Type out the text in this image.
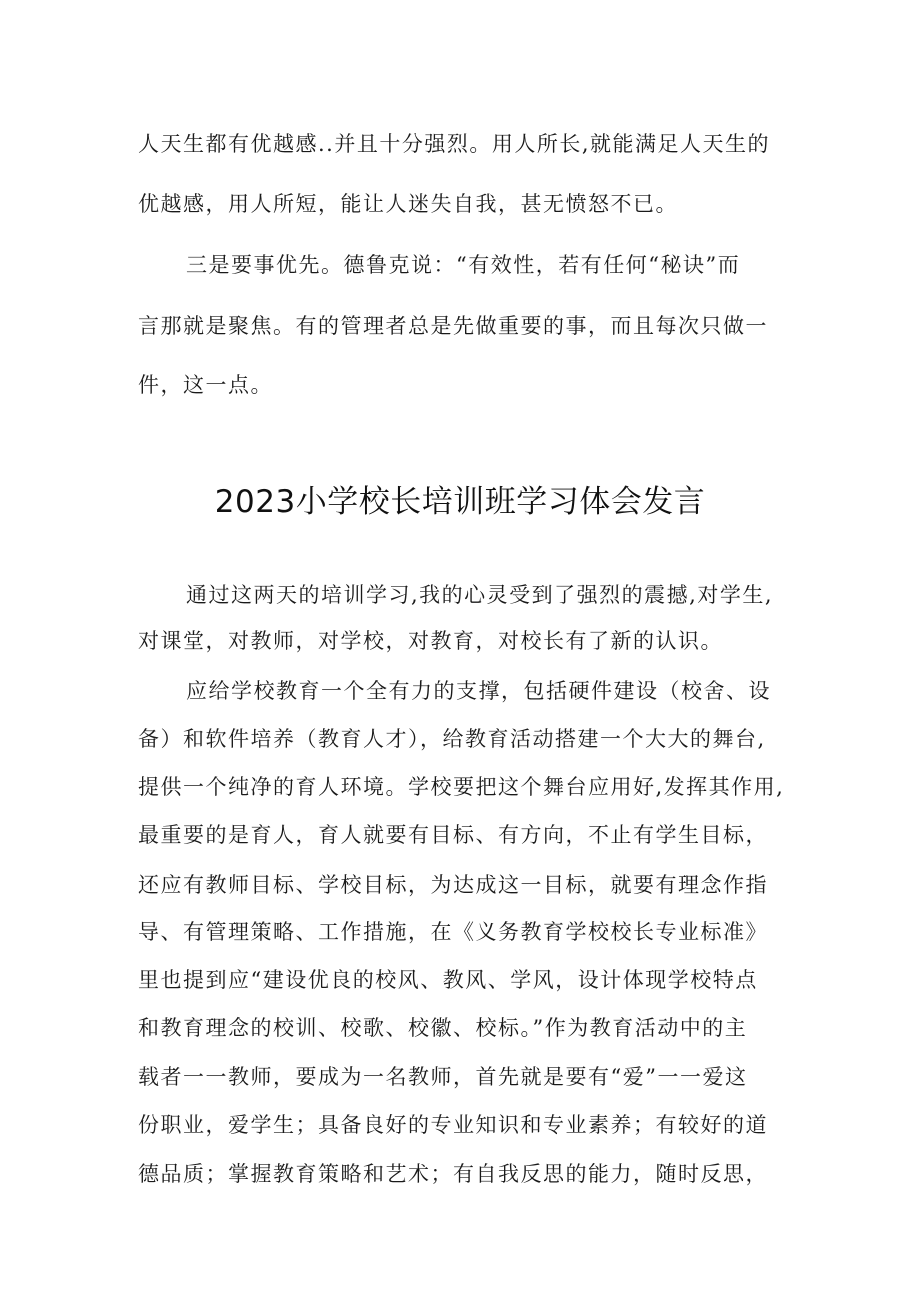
人天生都有优越感..并且十分强烈。用人所长,就能满足人天生的
优越感，用人所短，能让人迷失自我，甚无愤怒不已。
三是要事优先。德鲁克说：“有效性，若有任何“秘诀”而
言那就是聚焦。有的管理者总是先做重要的事，而且每次只做一
件，这一点。
2023小学校长培训班学习体会发言
通过这两天的培训学习,我的心灵受到了强烈的震撼,对学生,
对课堂，对教师，对学校，对教育，对校长有了新的认识。
应给学校教育一个全有力的支撑，包括硬件建设（校舍、设
备）和软件培养（教育人才），给教育活动搭建一个大大的舞台,
提供一个纯净的育人环境。学校要把这个舞台应用好,发挥其作用,
最重要的是育人，育人就要有目标、有方向，不止有学生目标，
还应有教师目标、学校目标，为达成这一目标，就要有理念作指
导、有管理策略、工作措施，在《义务教育学校校长专业标准》
里也提到应“建设优良的校风、教风、学风，设计体现学校特点
和教育理念的校训、校歌、校徽、校标。”作为教育活动中的主
载者一一教师，要成为一名教师，首先就是要有“爱”一一爱这
份职业，爱学生；具备良好的专业知识和专业素养；有较好的道
德品质；掌握教育策略和艺术；有自我反思的能力，随时反思，
